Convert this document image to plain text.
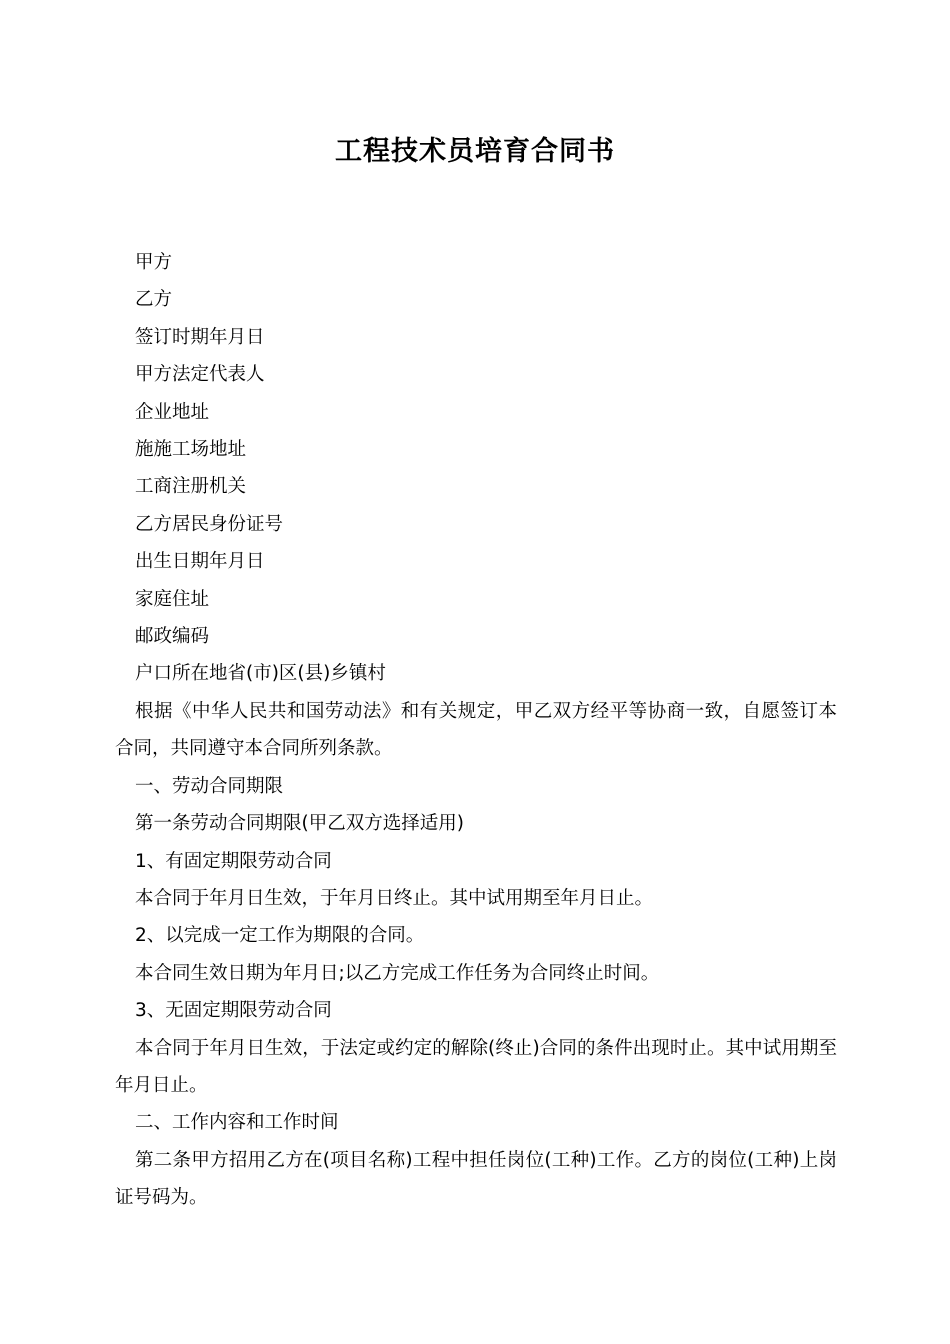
工程技术员培育合同书

甲方

乙方

签订时期年月日

甲方法定代表人

企业地址

施施工场地址

工商注册机关

乙方居民身份证号

出生日期年月日

家庭住址

邮政编码

户口所在地省(市)区(县)乡镇村

根据《中华人民共和国劳动法》和有关规定，甲乙双方经平等协商一致，自愿签订本合同，共同遵守本合同所列条款。

一、劳动合同期限

第一条劳动合同期限(甲乙双方选择适用)

1、有固定期限劳动合同

本合同于年月日生效，于年月日终止。其中试用期至年月日止。

2、以完成一定工作为期限的合同。

本合同生效日期为年月日;以乙方完成工作任务为合同终止时间。

3、无固定期限劳动合同

本合同于年月日生效，于法定或约定的解除(终止)合同的条件出现时止。其中试用期至年月日止。

二、工作内容和工作时间

第二条甲方招用乙方在(项目名称)工程中担任岗位(工种)工作。乙方的岗位(工种)上岗证号码为。
